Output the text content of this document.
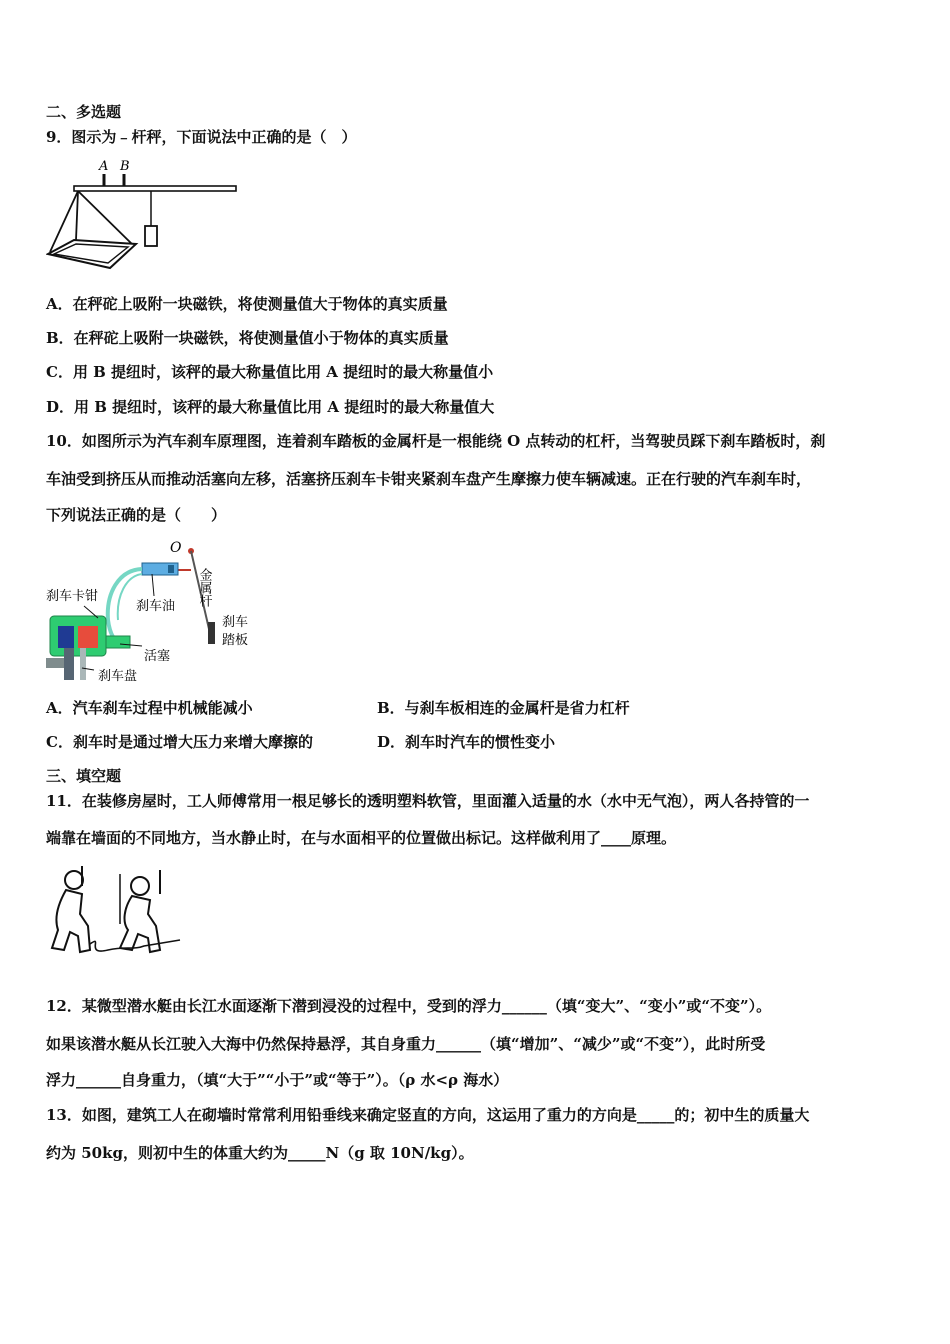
二、多选题
9．图示为﹣杆秤，下面说法中正确的是（　）
A B
A．在秤砣上吸附一块磁铁，将使测量值大于物体的真实质量
B．在秤砣上吸附一块磁铁，将使测量值小于物体的真实质量
C．用 B 提纽时，该秤的最大称量值比用 A 提纽时的最大称量值小
D．用 B 提纽时，该秤的最大称量值比用 A 提纽时的最大称量值大
10．如图所示为汽车刹车原理图，连着刹车踏板的金属杆是一根能绕 O 点转动的杠杆，当驾驶员踩下刹车踏板时，刹
车油受到挤压从而推动活塞向左移，活塞挤压刹车卡钳夹紧刹车盘产生摩擦力使车辆减速。正在行驶的汽车刹车时，
下列说法正确的是（　　）
O
刹车卡钳
刹车油
活塞
刹车盘
金属杆
刹车
踏板
A．汽车刹车过程中机械能减小	B．与刹车板相连的金属杆是省力杠杆
C．刹车时是通过增大压力来增大摩擦的	D．刹车时汽车的惯性变小
三、填空题
11．在装修房屋时，工人师傅常用一根足够长的透明塑料软管，里面灌入适量的水（水中无气泡），两人各持管的一
端靠在墙面的不同地方，当水静止时，在与水面相平的位置做出标记。这样做利用了____原理。
12．某微型潜水艇由长江水面逐渐下潜到浸没的过程中，受到的浮力______（填“变大”、“变小”或“不变”）。
如果该潜水艇从长江驶入大海中仍然保持悬浮，其自身重力______（填“增加”、“减少”或“不变”），此时所受
浮力______自身重力，（填“大于”“小于”或“等于”）。（ρ 水<ρ 海水）
13．如图，建筑工人在砌墙时常常利用铅垂线来确定竖直的方向，这运用了重力的方向是_____的；初中生的质量大
约为 50kg，则初中生的体重大约为_____N（g 取 10N/kg）。
